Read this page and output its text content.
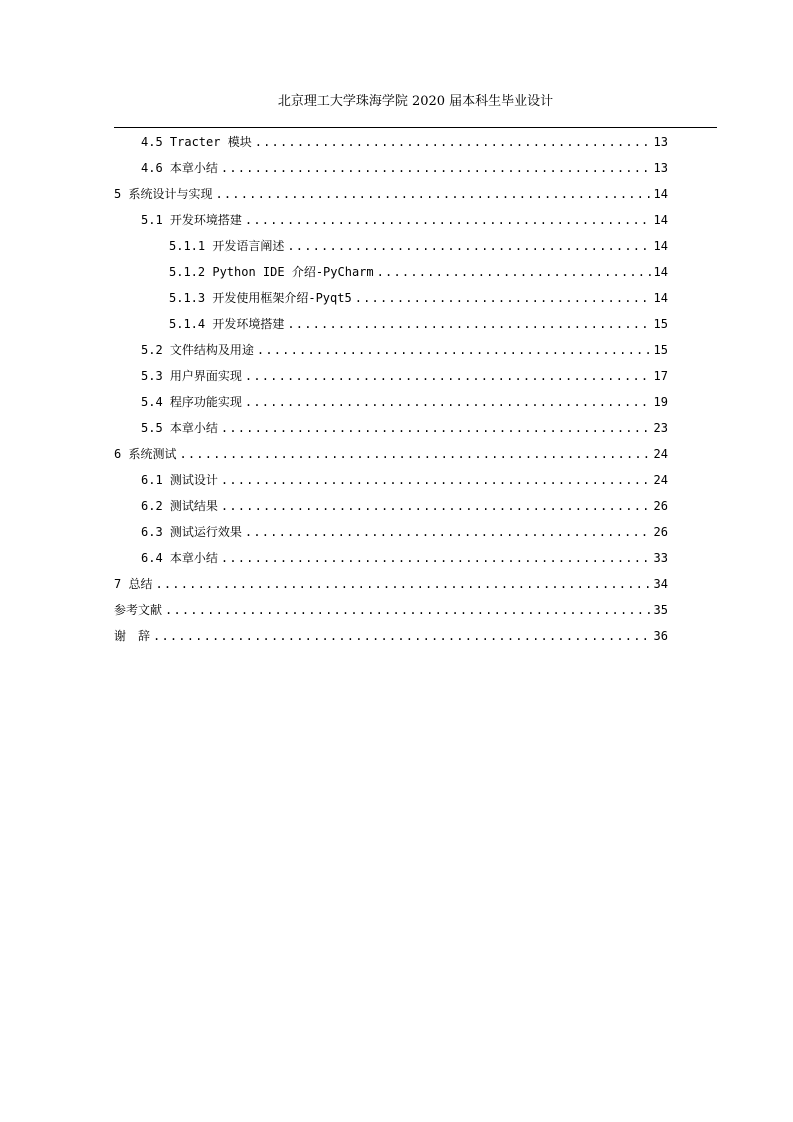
北京理工大学珠海学院 2020 届本科生毕业设计
4.5 Tracter 模块 .....	13
4.6 本章小结 .....	13
5 系统设计与实现 .....	14
5.1 开发环境搭建 .....	14
5.1.1 开发语言阐述 .....	14
5.1.2 Python IDE 介绍-PyCharm .....	14
5.1.3 开发使用框架介绍-Pyqt5 .....	14
5.1.4 开发环境搭建 .....	15
5.2 文件结构及用途 .....	15
5.3 用户界面实现 .....	17
5.4 程序功能实现 .....	19
5.5 本章小结 .....	23
6 系统测试 .....	24
6.1 测试设计 .....	24
6.2 测试结果 .....	26
6.3 测试运行效果 .....	26
6.4 本章小结 .....	33
7 总结 .....	34
参考文献 .....	35
谢　辞 .....	36
